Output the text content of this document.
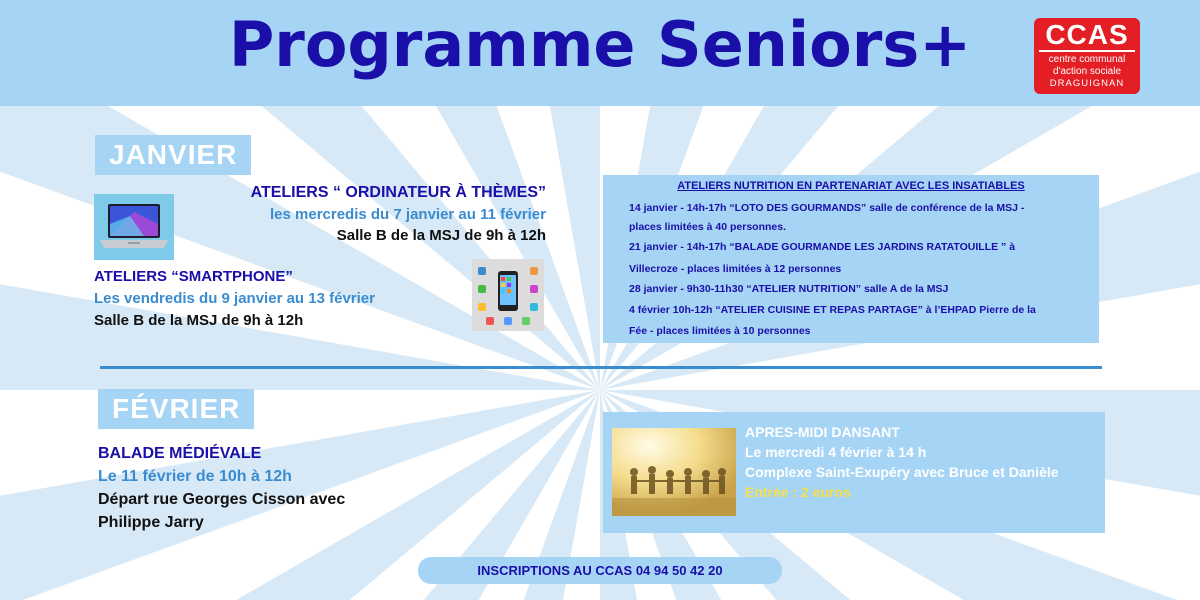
Programme Seniors+	CCAS
centre communal
d'action sociale
DRAGUIGNAN
JANVIER
ATELIERS “ ORDINATEUR À THÈMES”
les mercredis du 7 janvier au 11 février
Salle B de la MSJ de 9h à 12h
ATELIERS “SMARTPHONE”
Les vendredis du 9 janvier au 13 février
Salle B de la MSJ de 9h à 12h
ATELIERS NUTRITION EN PARTENARIAT AVEC LES INSATIABLES
14 janvier - 14h-17h “LOTO DES GOURMANDS” salle de conférence de la MSJ -
places limitées à 40 personnes.
21 janvier - 14h-17h “BALADE GOURMANDE LES JARDINS RATATOUILLE ” à
Villecroze - places limitées à 12 personnes
28 janvier - 9h30-11h30 “ATELIER NUTRITION” salle A de la MSJ
4 février 10h-12h “ATELIER CUISINE ET REPAS PARTAGE” à l’EHPAD Pierre de la
Fée - places limitées à 10 personnes
FÉVRIER
BALADE MÉDIÉVALE
Le 11 février de 10h à 12h
Départ rue Georges Cisson avec
Philippe Jarry
APRES-MIDI DANSANT
Le mercredi 4 février à 14 h
Complexe Saint-Exupéry avec Bruce et Danièle
Entrée : 2 euros
INSCRIPTIONS AU CCAS 04 94 50 42 20
